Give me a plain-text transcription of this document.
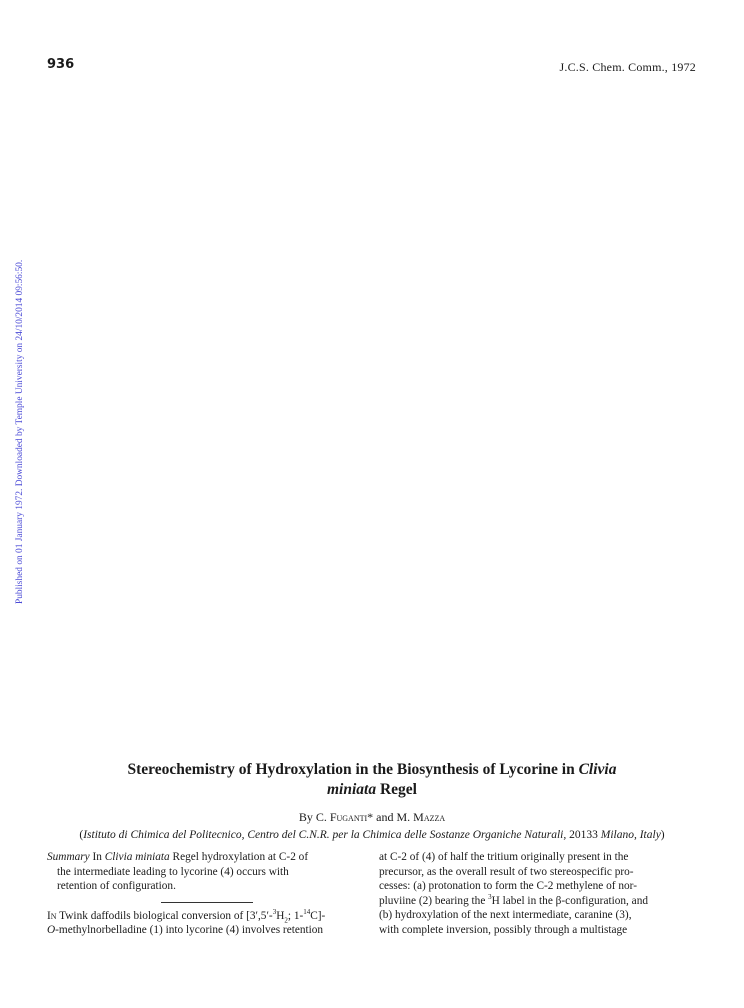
936	J.C.S. Chem. Comm., 1972
Published on 01 January 1972. Downloaded by Temple University on 24/10/2014 09:56:50.
Stereochemistry of Hydroxylation in the Biosynthesis of Lycorine in Clivia
miniata Regel
By C. Fuganti* and M. Mazza
(Istituto di Chimica del Politecnico, Centro del C.N.R. per la Chimica delle Sostanze Organiche Naturali, 20133 Milano, Italy)

Summary In Clivia miniata Regel hydroxylation at C-2 of

the intermediate leading to lycorine (4) occurs with

retention of configuration.

In Twink daffodils biological conversion of [$3',5'-^3H_2$; 1-$^{14}$C]-
O-methylnorbelladine (1) into lycorine (4) involves retention

at C-2 of (4) of half the tritium originally present in the

precursor, as the overall result of two stereospecific pro-

cesses: (a) protonation to form the C-2 methylene of nor-

pluviine (2) bearing the $^3$H label in the β-configuration, and

(b) hydroxylation of the next intermediate, caranine (3),

with complete inversion, possibly through a multistage
